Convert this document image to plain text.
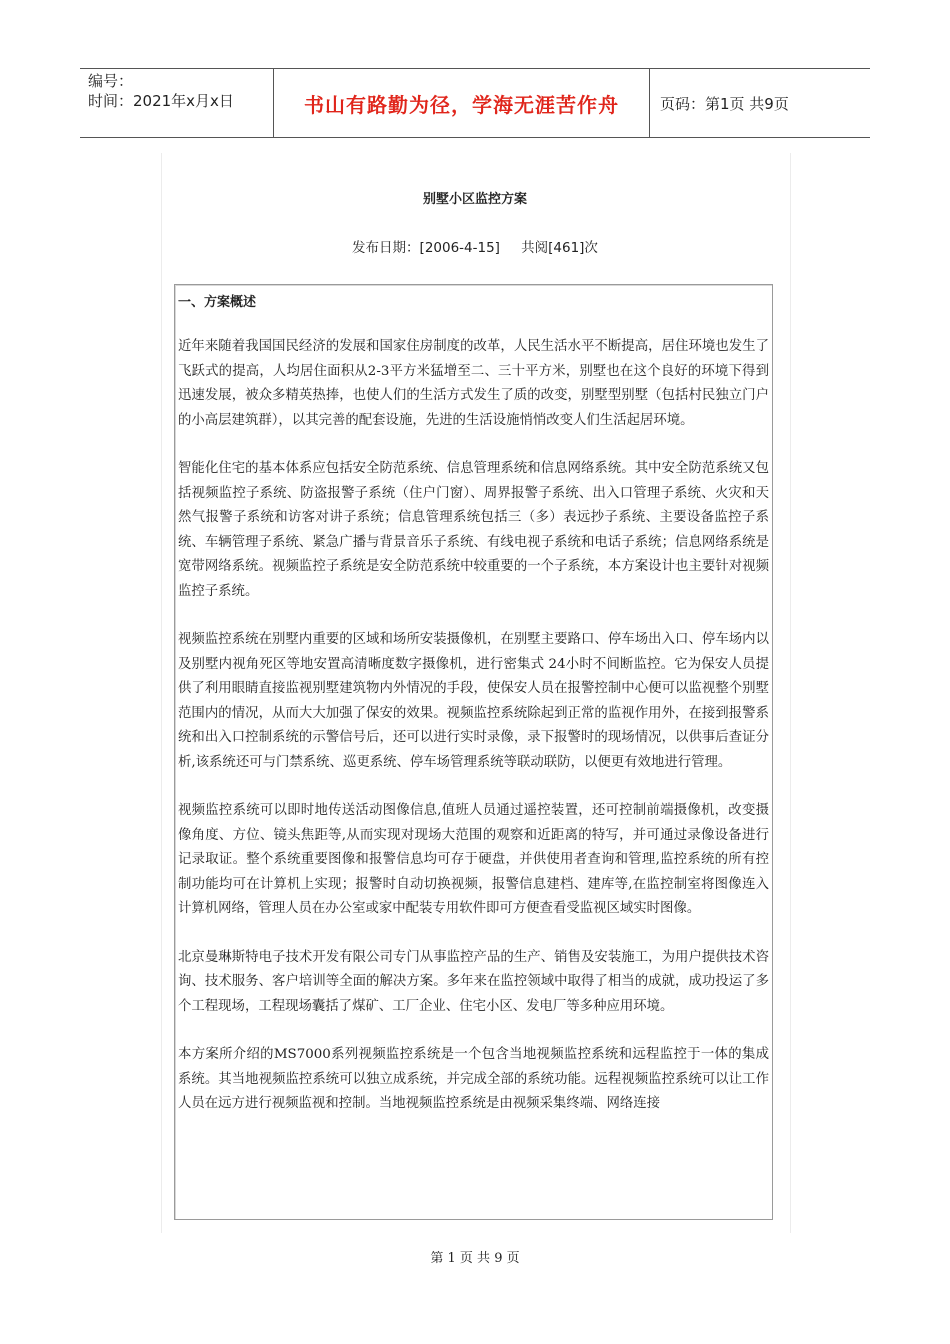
编号：
时间：2021年x月x日	书山有路勤为径，学海无涯苦作舟	页码：第1页 共9页
别墅小区监控方案
发布日期：[2006-4-15] 共阅[461]次
一、方案概述

近年来随着我国国民经济的发展和国家住房制度的改革，人民生活水平不断提高，居住环境也发生了飞跃式的提高，人均居住面积从2-3平方米猛增至二、三十平方米，别墅也在这个良好的环境下得到迅速发展，被众多精英热捧，也使人们的生活方式发生了质的改变，别墅型别墅（包括村民独立门户的小高层建筑群），以其完善的配套设施，先进的生活设施悄悄改变人们生活起居环境。

智能化住宅的基本体系应包括安全防范系统、信息管理系统和信息网络系统。其中安全防范系统又包括视频监控子系统、防盗报警子系统（住户门窗）、周界报警子系统、出入口管理子系统、火灾和天然气报警子系统和访客对讲子系统；信息管理系统包括三（多）表远抄子系统、主要设备监控子系统、车辆管理子系统、紧急广播与背景音乐子系统、有线电视子系统和电话子系统；信息网络系统是宽带网络系统。视频监控子系统是安全防范系统中较重要的一个子系统，本方案设计也主要针对视频监控子系统。

视频监控系统在别墅内重要的区域和场所安装摄像机，在别墅主要路口、停车场出入口、停车场内以及别墅内视角死区等地安置高清晰度数字摄像机，进行密集式 24小时不间断监控。它为保安人员提供了利用眼睛直接监视别墅建筑物内外情况的手段，使保安人员在报警控制中心便可以监视整个别墅范围内的情况，从而大大加强了保安的效果。视频监控系统除起到正常的监视作用外，在接到报警系统和出入口控制系统的示警信号后，还可以进行实时录像，录下报警时的现场情况，以供事后查证分析,该系统还可与门禁系统、巡更系统、停车场管理系统等联动联防，以便更有效地进行管理。

视频监控系统可以即时地传送活动图像信息,值班人员通过遥控装置，还可控制前端摄像机，改变摄像角度、方位、镜头焦距等,从而实现对现场大范围的观察和近距离的特写，并可通过录像设备进行记录取证。整个系统重要图像和报警信息均可存于硬盘，并供使用者查询和管理,监控系统的所有控制功能均可在计算机上实现；报警时自动切换视频，报警信息建档、建库等,在监控制室将图像连入计算机网络，管理人员在办公室或家中配装专用软件即可方便查看受监视区域实时图像。

北京曼琳斯特电子技术开发有限公司专门从事监控产品的生产、销售及安装施工，为用户提供技术咨询、技术服务、客户培训等全面的解决方案。多年来在监控领域中取得了相当的成就，成功投运了多个工程现场，工程现场囊括了煤矿、工厂企业、住宅小区、发电厂等多种应用环境。

本方案所介绍的MS7000系列视频监控系统是一个包含当地视频监控系统和远程监控于一体的集成系统。其当地视频监控系统可以独立成系统，并完成全部的系统功能。远程视频监控系统可以让工作人员在远方进行视频监视和控制。当地视频监控系统是由视频采集终端、网络连接

第 1 页 共 9 页
